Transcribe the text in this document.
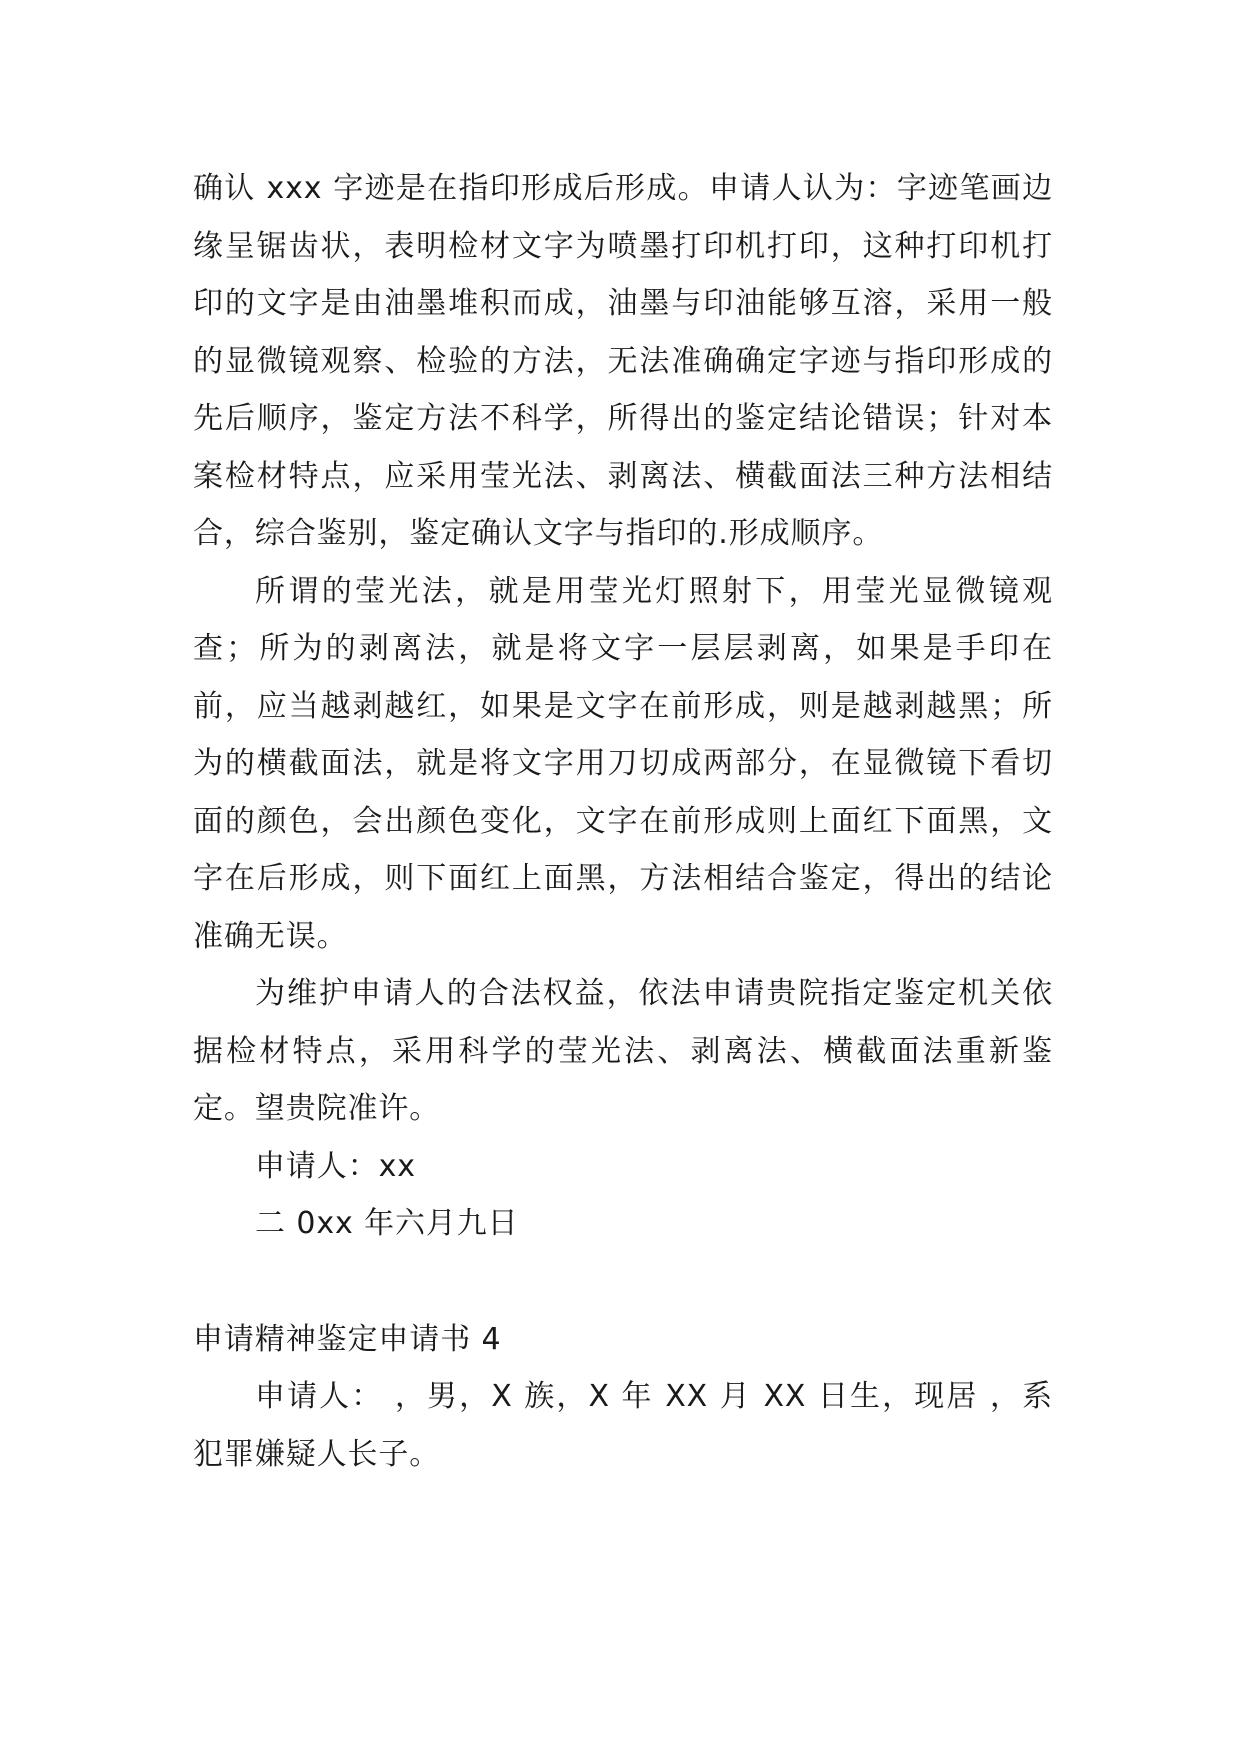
确认 xxx 字迹是在指印形成后形成。申请人认为：字迹笔画边缘呈锯齿状，表明检材文字为喷墨打印机打印，这种打印机打印的文字是由油墨堆积而成，油墨与印油能够互溶，采用一般的显微镜观察、检验的方法，无法准确确定字迹与指印形成的先后顺序，鉴定方法不科学，所得出的鉴定结论错误；针对本案检材特点，应采用莹光法、剥离法、横截面法三种方法相结合，综合鉴别，鉴定确认文字与指印的.形成顺序。

所谓的莹光法，就是用莹光灯照射下，用莹光显微镜观查；所为的剥离法，就是将文字一层层剥离，如果是手印在前，应当越剥越红，如果是文字在前形成，则是越剥越黑；所为的横截面法，就是将文字用刀切成两部分，在显微镜下看切面的颜色，会出颜色变化，文字在前形成则上面红下面黑，文字在后形成，则下面红上面黑，方法相结合鉴定，得出的结论准确无误。

为维护申请人的合法权益，依法申请贵院指定鉴定机关依据检材特点，采用科学的莹光法、剥离法、横截面法重新鉴定。望贵院准许。

申请人：xx

二 0xx 年六月九日

申请精神鉴定申请书 4

申请人： ，男，X 族，X 年 XX 月 XX 日生，现居 ，系犯罪嫌疑人长子。
